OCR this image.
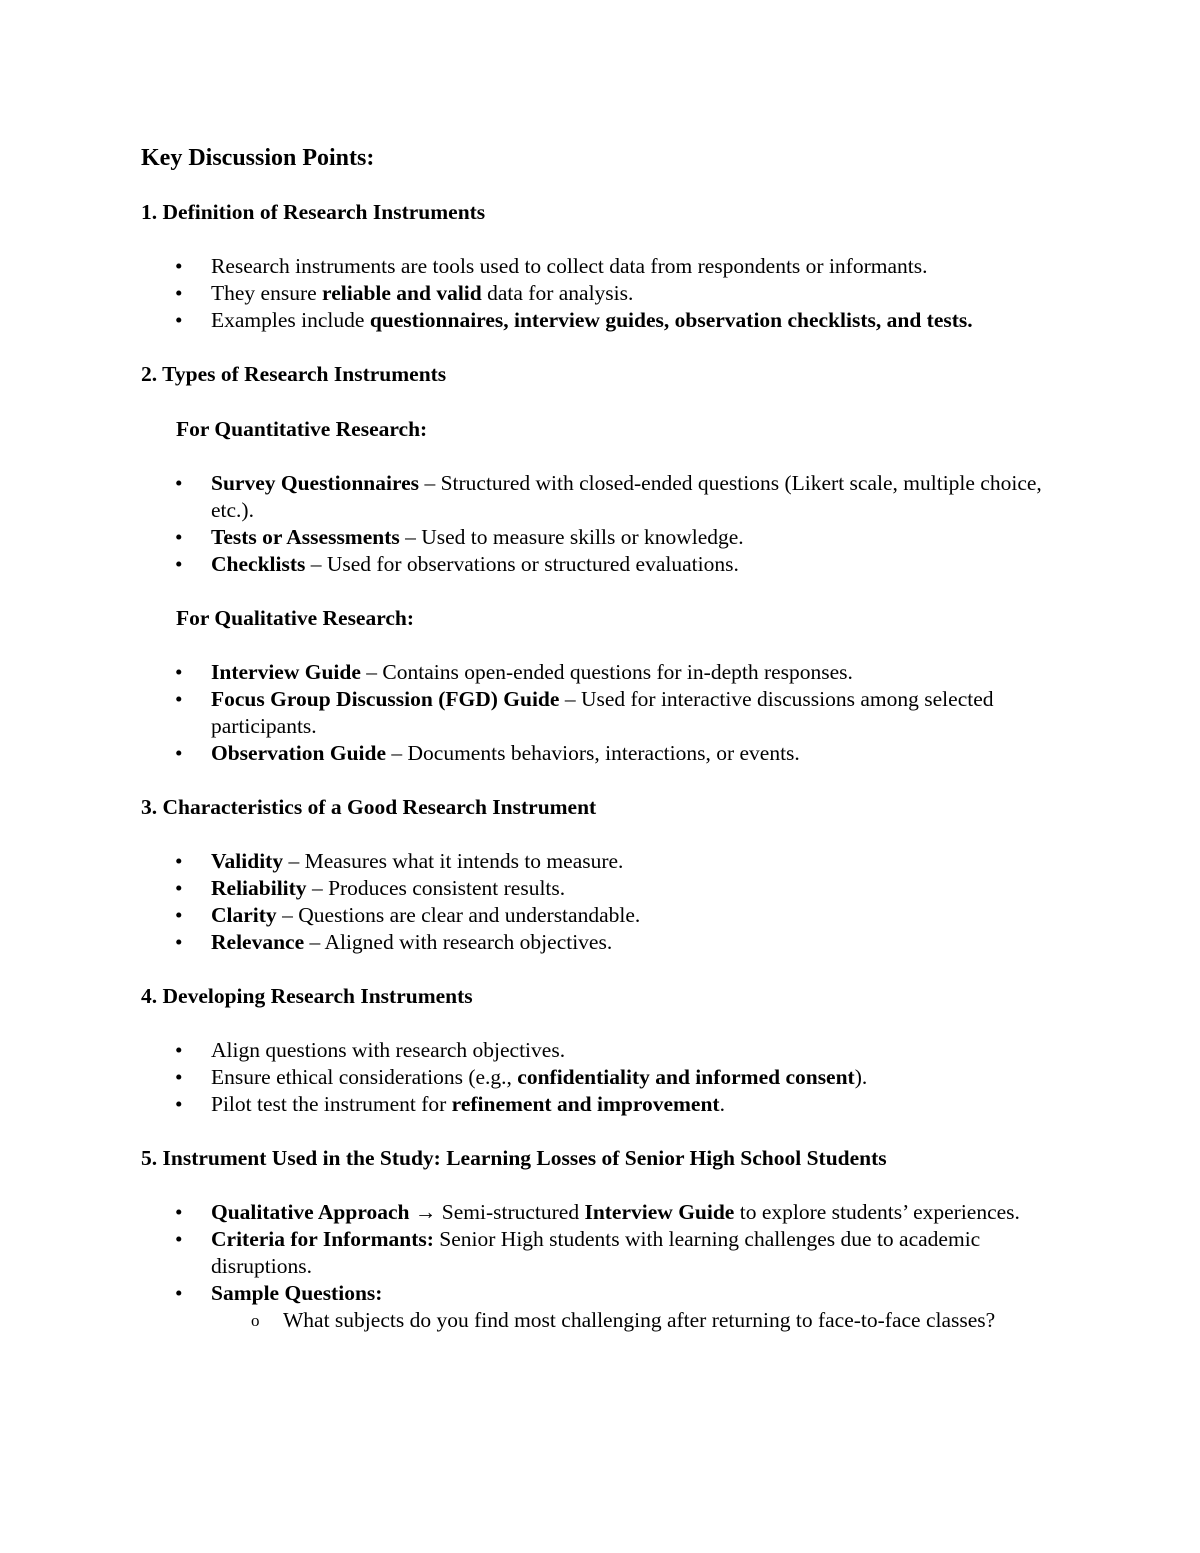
Key Discussion Points:
1. Definition of Research Instruments
• Research instruments are tools used to collect data from respondents or informants.
• They ensure reliable and valid data for analysis.
• Examples include questionnaires, interview guides, observation checklists, and tests.
2. Types of Research Instruments
For Quantitative Research:
• Survey Questionnaires – Structured with closed-ended questions (Likert scale, multiple choice, etc.).
• Tests or Assessments – Used to measure skills or knowledge.
• Checklists – Used for observations or structured evaluations.
For Qualitative Research:
• Interview Guide – Contains open-ended questions for in-depth responses.
• Focus Group Discussion (FGD) Guide – Used for interactive discussions among selected participants.
• Observation Guide – Documents behaviors, interactions, or events.
3. Characteristics of a Good Research Instrument
• Validity – Measures what it intends to measure.
• Reliability – Produces consistent results.
• Clarity – Questions are clear and understandable.
• Relevance – Aligned with research objectives.
4. Developing Research Instruments
• Align questions with research objectives.
• Ensure ethical considerations (e.g., confidentiality and informed consent).
• Pilot test the instrument for refinement and improvement.
5. Instrument Used in the Study: Learning Losses of Senior High School Students
• Qualitative Approach → Semi-structured Interview Guide to explore students’ experiences.
• Criteria for Informants: Senior High students with learning challenges due to academic disruptions.
• Sample Questions:
o What subjects do you find most challenging after returning to face-to-face classes?
